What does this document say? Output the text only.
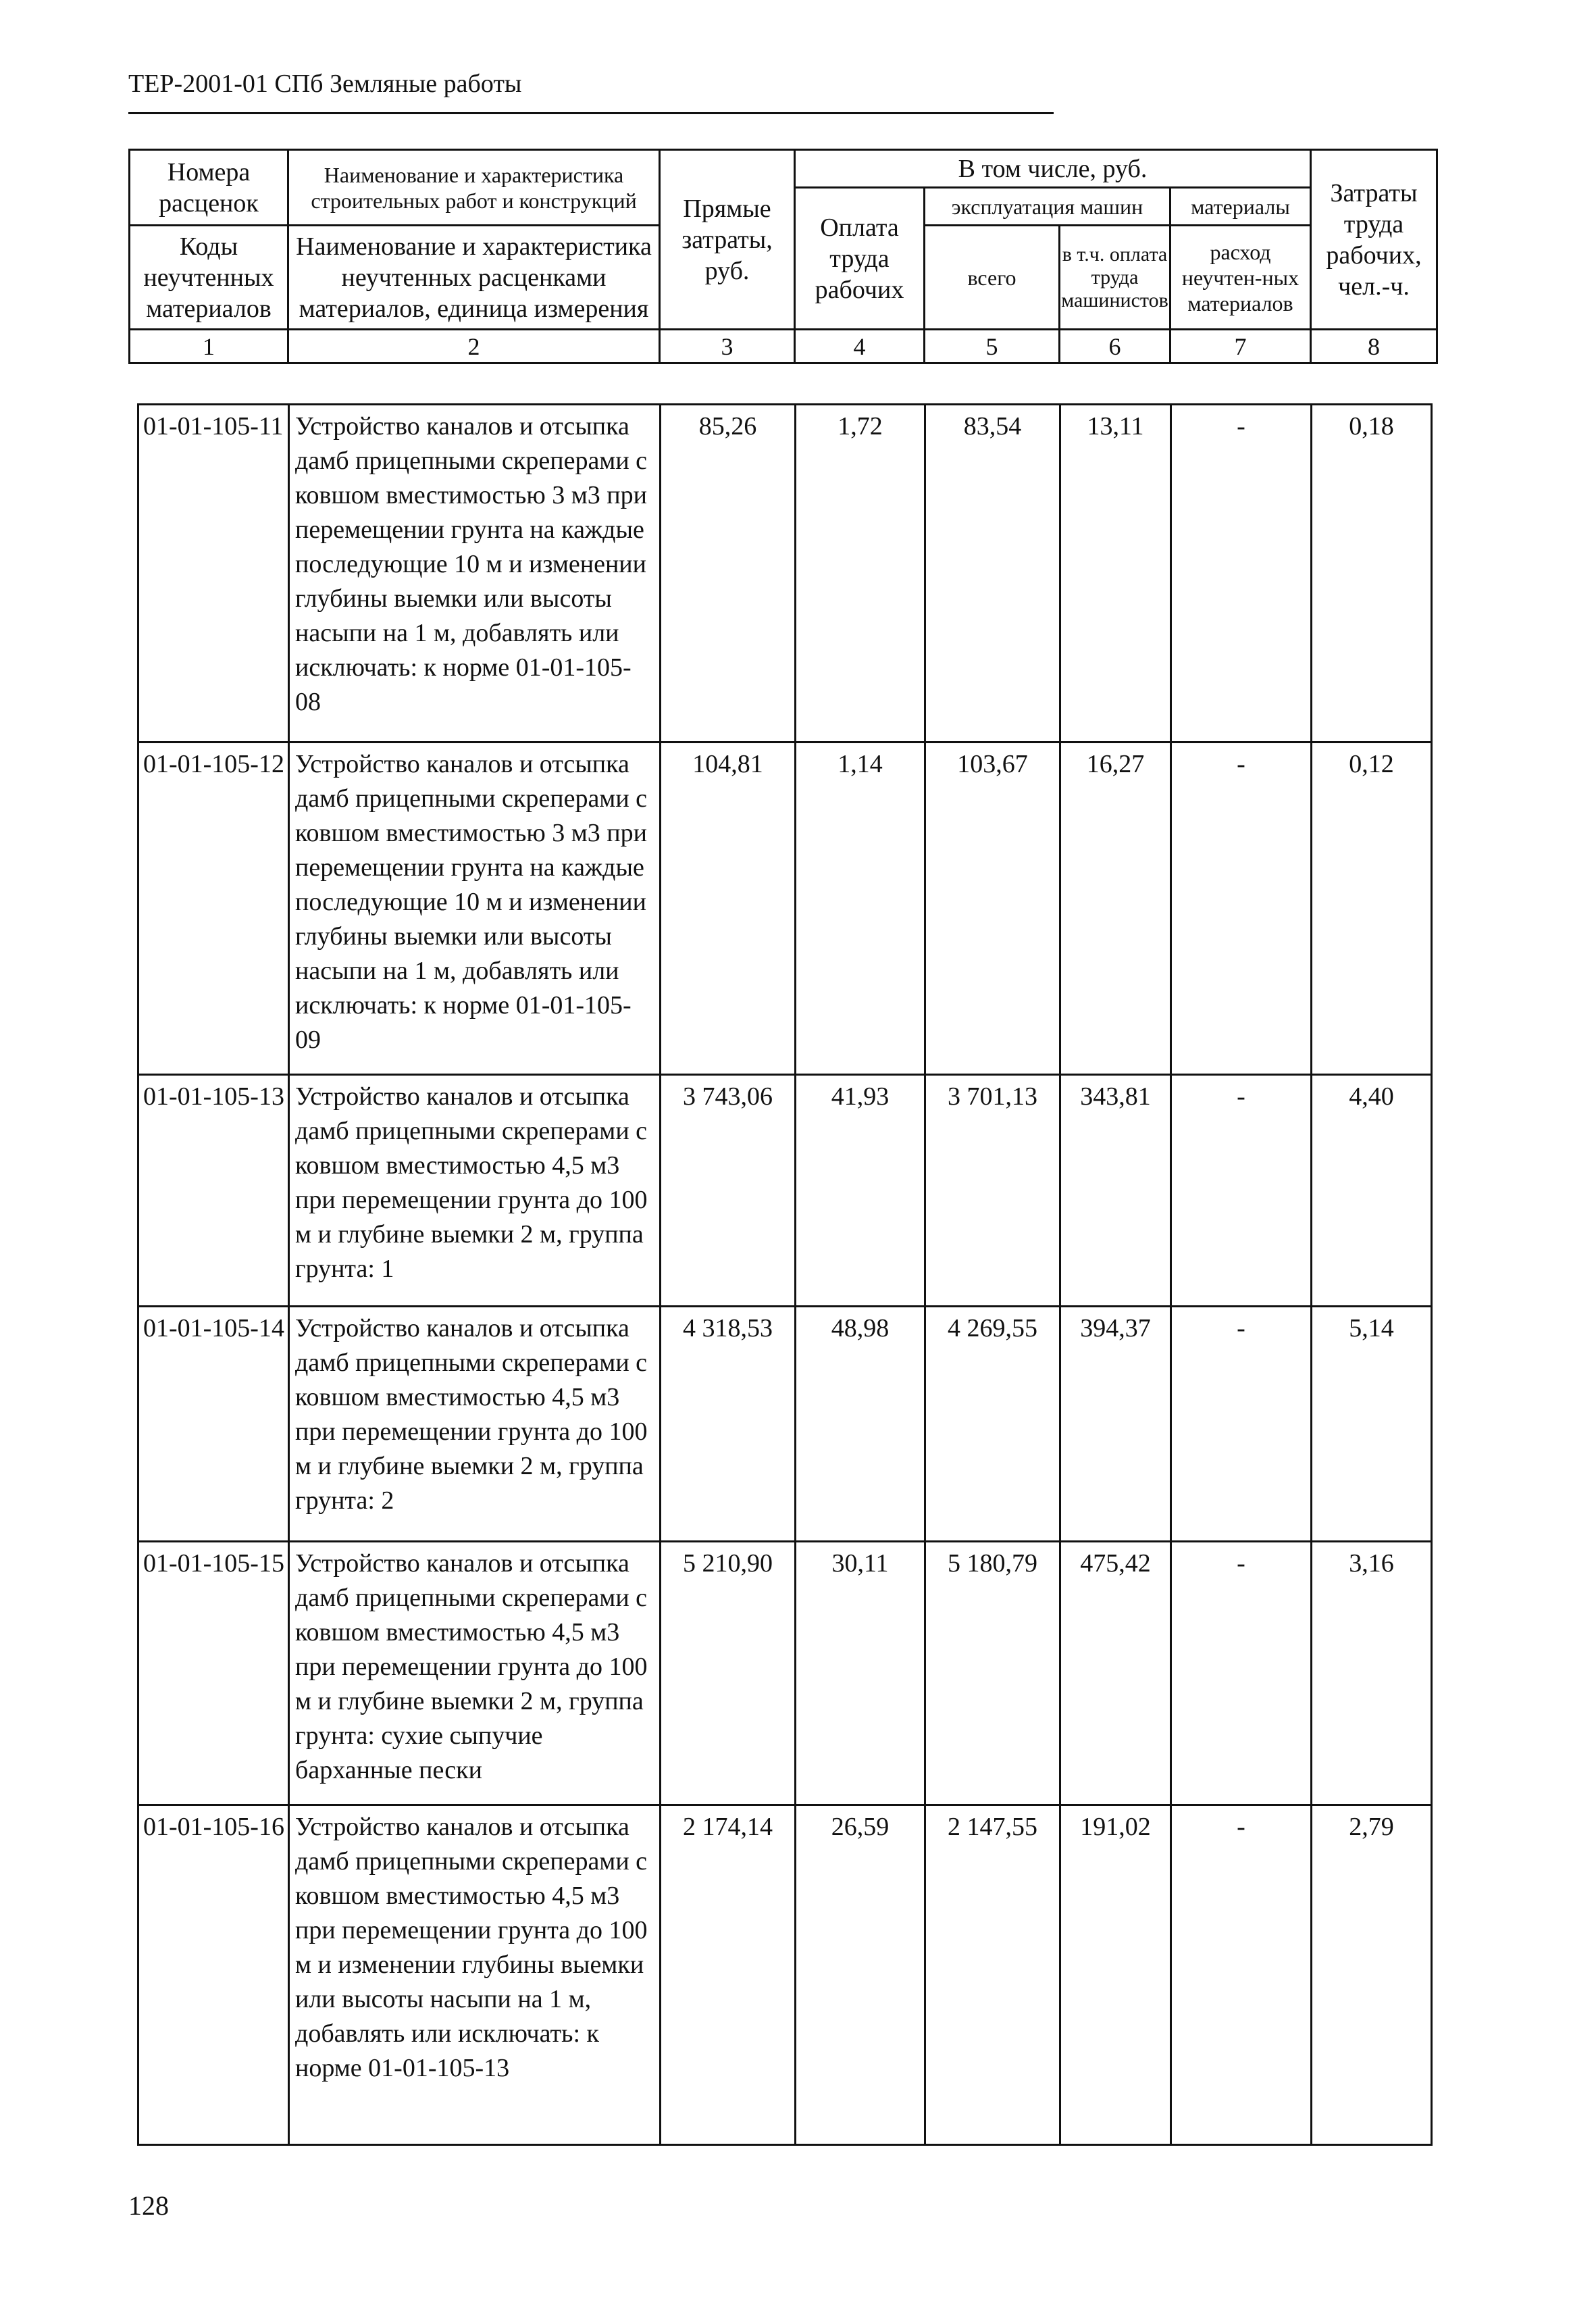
ТЕР-2001-01 СПб Земляные работы
Номера расценок	Наименование и характеристика строительных работ и конструкций	Прямые затраты, руб.	В том числе, руб.				Затраты труда рабочих, чел.-ч.
			Оплата труда рабочих	эксплуатация машин		материалы	
Коды неучтенных материалов	Наименование и характеристика неучтенных расценками материалов, единица измерения			всего	в т.ч. оплата труда машинистов	расход неучтен-ных материалов	

1	2	3	4	5	6	7	8
01-01-105-11	Устройство каналов и отсыпка дамб прицепными скреперами с ковшом вместимостью 3 м3 при перемещении грунта на каждые последующие 10 м и изменении глубины выемки или высоты насыпи на 1 м, добавлять или исключать: к норме 01-01-105-08	85,26	1,72	83,54	13,11	-	0,18
01-01-105-12	Устройство каналов и отсыпка дамб прицепными скреперами с ковшом вместимостью 3 м3 при перемещении грунта на каждые последующие 10 м и изменении глубины выемки или высоты насыпи на 1 м, добавлять или исключать: к норме 01-01-105-09	104,81	1,14	103,67	16,27	-	0,12
01-01-105-13	Устройство каналов и отсыпка дамб прицепными скреперами с ковшом вместимостью 4,5 м3 при перемещении грунта до 100 м и глубине выемки 2 м, группа грунта: 1	3 743,06	41,93	3 701,13	343,81	-	4,40
01-01-105-14	Устройство каналов и отсыпка дамб прицепными скреперами с ковшом вместимостью 4,5 м3 при перемещении грунта до 100 м и глубине выемки 2 м, группа грунта: 2	4 318,53	48,98	4 269,55	394,37	-	5,14
01-01-105-15	Устройство каналов и отсыпка дамб прицепными скреперами с ковшом вместимостью 4,5 м3 при перемещении грунта до 100 м и глубине выемки 2 м, группа грунта: сухие сыпучие барханные пески	5 210,90	30,11	5 180,79	475,42	-	3,16
01-01-105-16	Устройство каналов и отсыпка дамб прицепными скреперами с ковшом вместимостью 4,5 м3 при перемещении грунта до 100 м и изменении глубины выемки или высоты насыпи на 1 м, добавлять или исключать: к норме 01-01-105-13	2 174,14	26,59	2 147,55	191,02	-	2,79
128
